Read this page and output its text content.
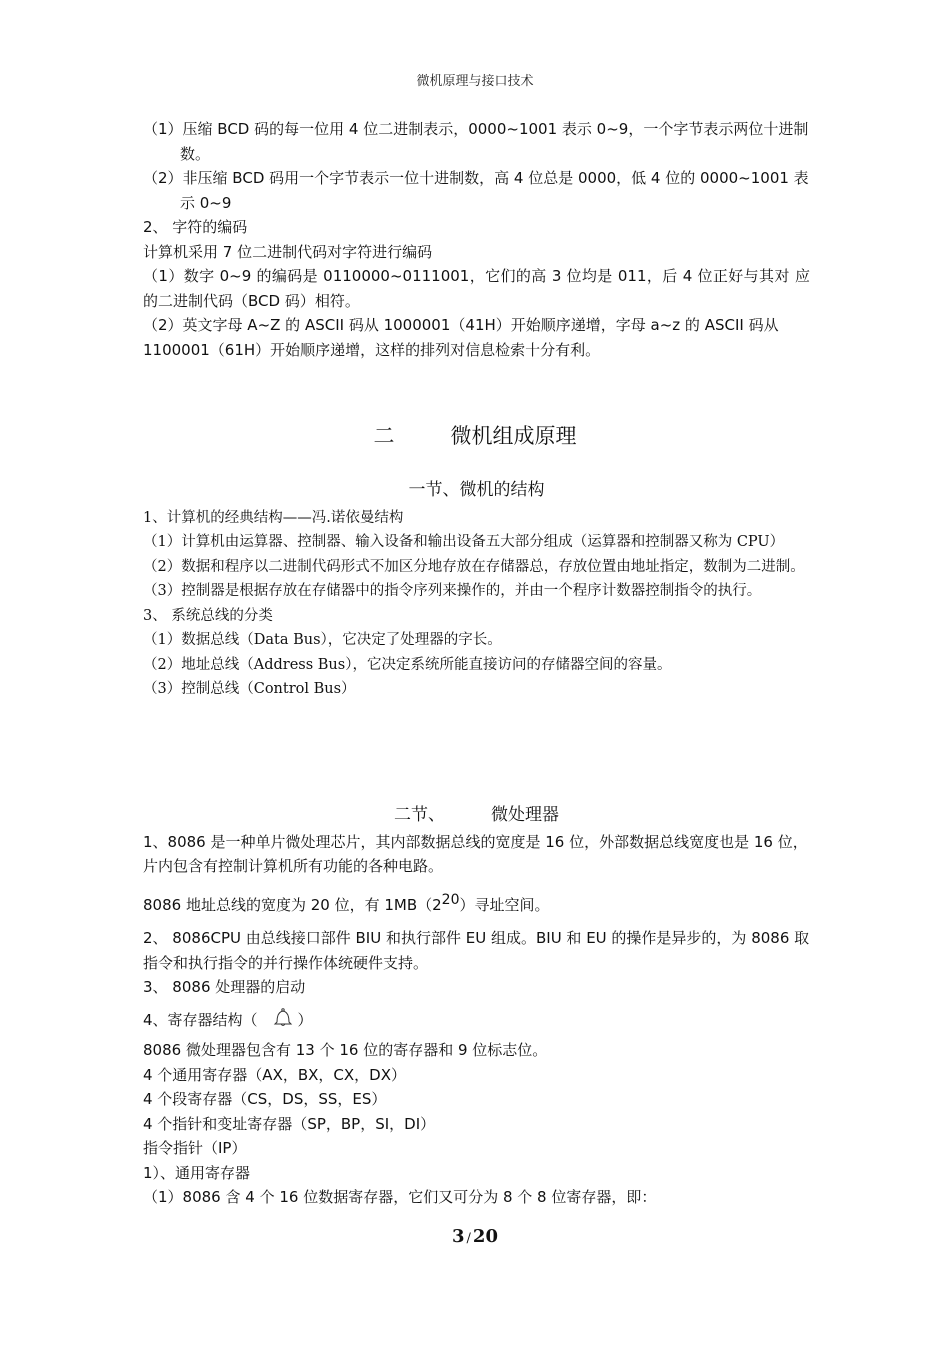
微机原理与接口技术

（1）压缩 BCD 码的每一位用 4 位二进制表示，0000~1001 表示 0~9，一个字节表示两位十进制数。

（2）非压缩 BCD 码用一个字节表示一位十进制数，高 4 位总是 0000，低 4 位的 0000~1001 表示 0~9

2、 字符的编码

计算机采用 7 位二进制代码对字符进行编码

（1）数字 0~9 的编码是 0110000~0111001，它们的高 3 位均是 011，后 4 位正好与其对 应的二进制代码（BCD 码）相符。

（2）英文字母 A~Z 的 ASCII 码从 1000001（41H）开始顺序递增，字母 a~z 的 ASCII 码从 1100001（61H）开始顺序递增，这样的排列对信息检索十分有利。

二	微机组成原理

一节、微机的结构

1、计算机的经典结构——冯.诺依曼结构

（1）计算机由运算器、控制器、输入设备和输出设备五大部分组成（运算器和控制器又称为 CPU）

（2）数据和程序以二进制代码形式不加区分地存放在存储器总，存放位置由地址指定，数制为二进制。

（3）控制器是根据存放在存储器中的指令序列来操作的，并由一个程序计数器控制指令的执行。

3、 系统总线的分类

（1）数据总线（Data Bus），它决定了处理器的字长。

（2）地址总线（Address Bus），它决定系统所能直接访问的存储器空间的容量。

（3）控制总线（Control Bus）

二节、	微处理器

1、8086 是一种单片微处理芯片，其内部数据总线的宽度是 16 位，外部数据总线宽度也是 16 位，片内包含有控制计算机所有功能的各种电路。

8086 地址总线的宽度为 20 位，有 $1MB(2^{20})$寻址空间。

2、 8086CPU 由总线接口部件 BIU 和执行部件 EU 组成。BIU 和 EU 的操作是异步的，为 8086 取指令和执行指令的并行操作体统硬件支持。

3、 8086 处理器的启动

4、寄存器结构（	）

8086 微处理器包含有 13 个 16 位的寄存器和 9 位标志位。

4 个通用寄存器（AX，BX，CX，DX）

4 个段寄存器（CS，DS，SS，ES）

4 个指针和变址寄存器（SP，BP，SI，DI）

指令指针（IP）

1）、通用寄存器

（1）8086 含 4 个 16 位数据寄存器，它们又可分为 8 个 8 位寄存器，即：

3 / 20
